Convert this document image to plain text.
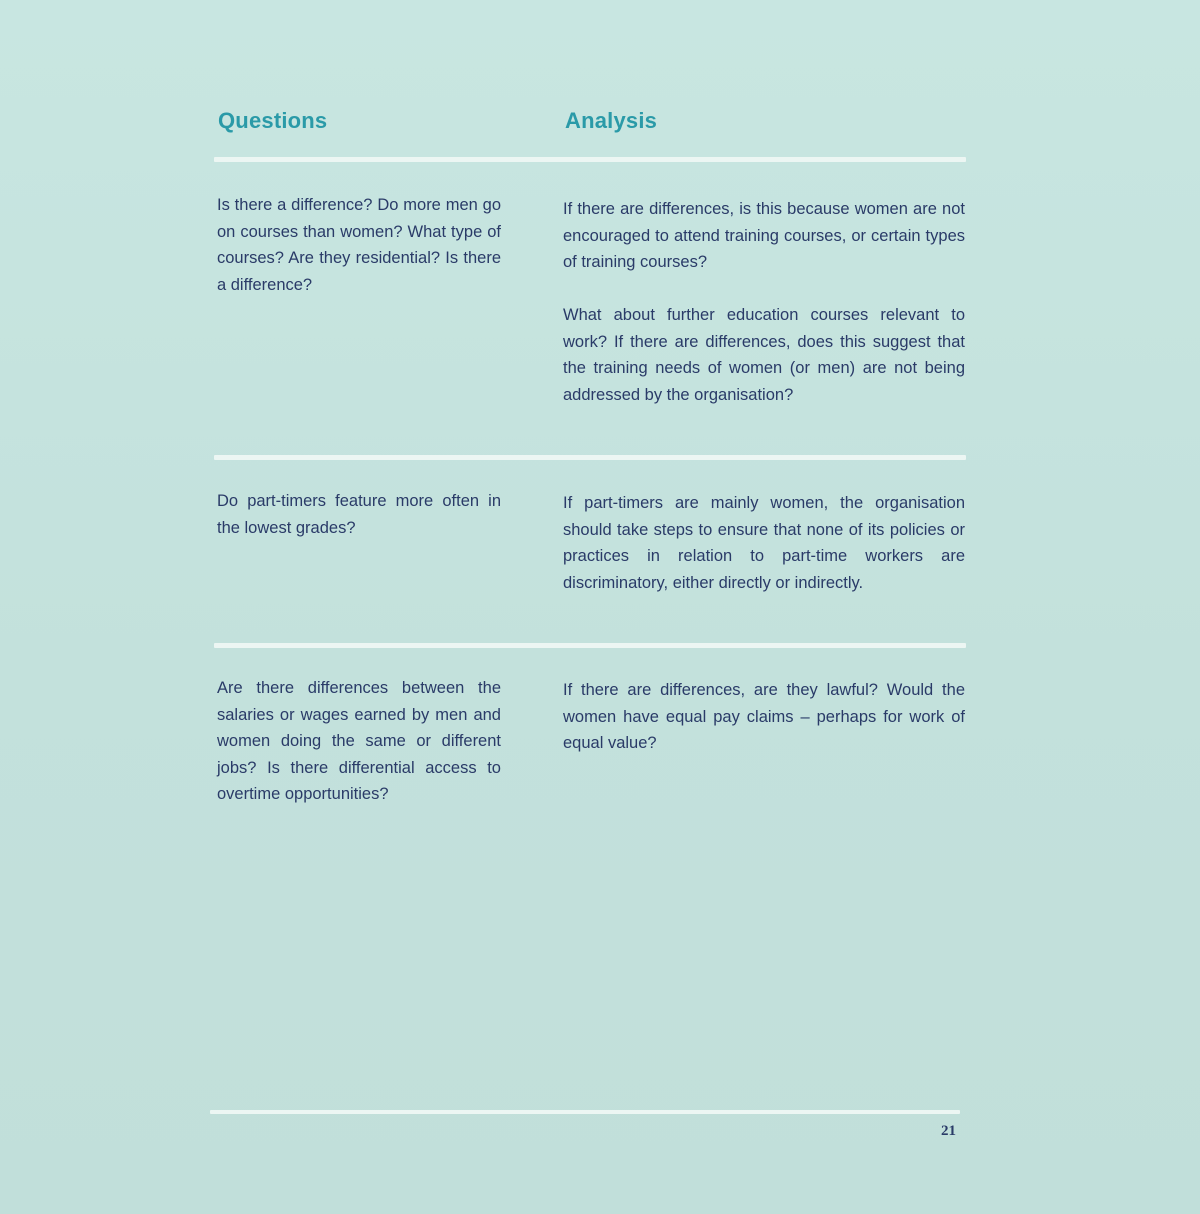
Questions	Analysis

Is there a difference? Do more men go on courses than women? What type of courses? Are they residential? Is there a difference?

If there are differences, is this because women are not encouraged to attend training courses, or certain types of training courses?

What about further education courses relevant to work? If there are differences, does this suggest that the training needs of women (or men) are not being addressed by the organisation?

Do part-timers feature more often in the lowest grades?

If part-timers are mainly women, the organisation should take steps to ensure that none of its policies or practices in relation to part-time workers are discriminatory, either directly or indirectly.

Are there differences between the salaries or wages earned by men and women doing the same or different jobs? Is there differential access to overtime opportunities?

If there are differences, are they lawful? Would the women have equal pay claims – perhaps for work of equal value?

21
